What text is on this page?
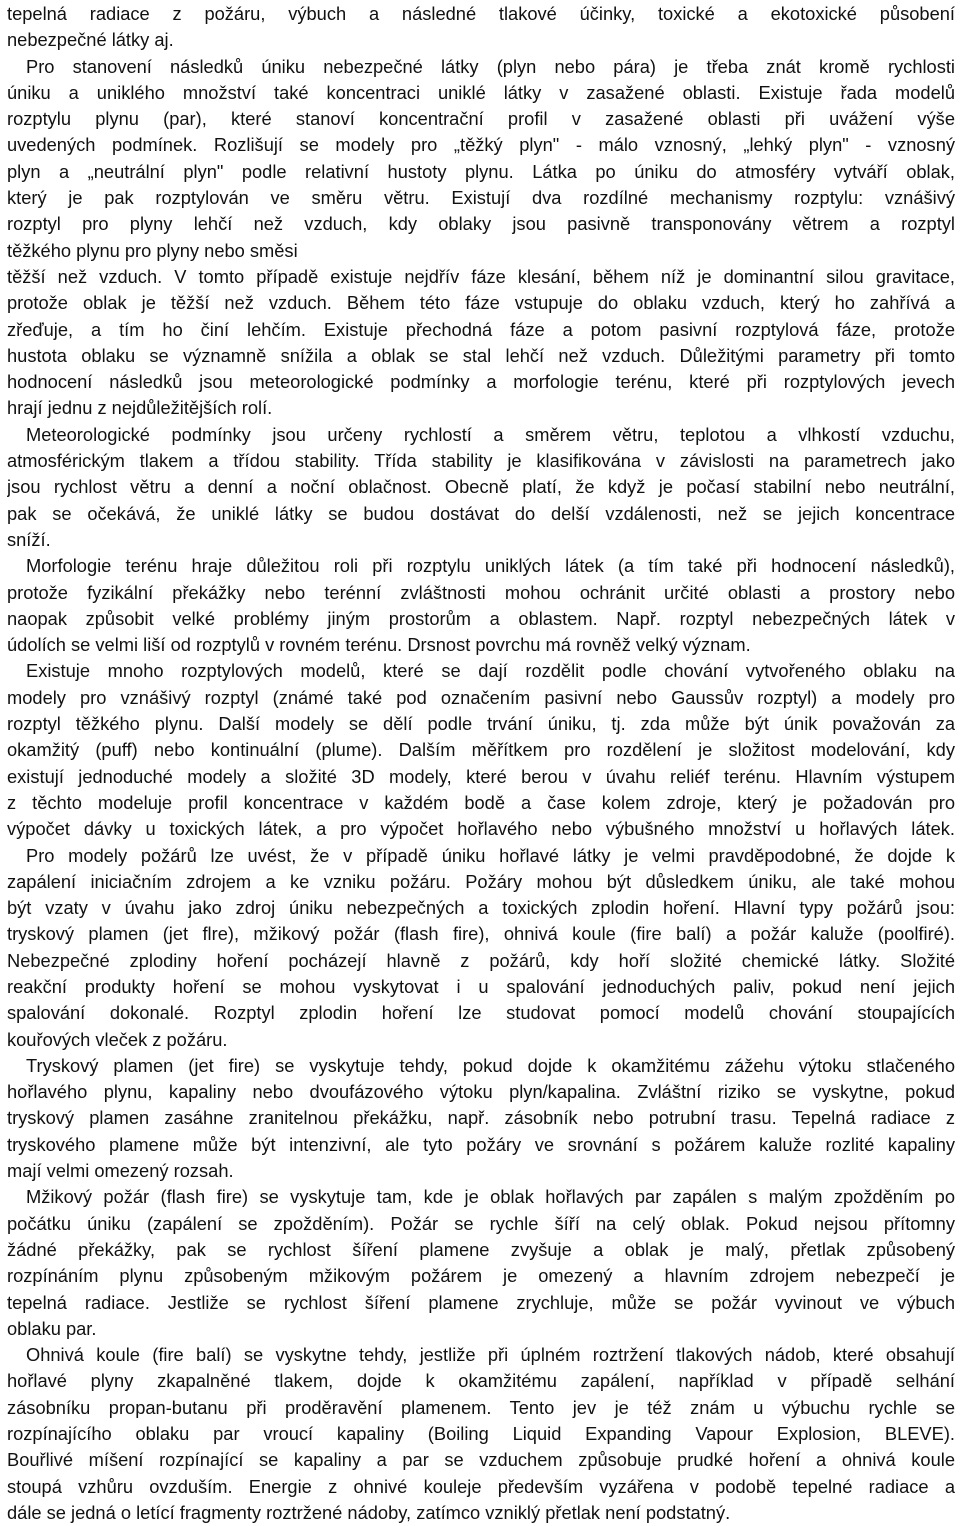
tepelná radiace z požáru, výbuch a následné tlakové účinky, toxické a ekotoxické působení
nebezpečné látky aj.
Pro stanovení následků úniku nebezpečné látky (plyn nebo pára) je třeba znát kromě rychlosti
úniku a uniklého množství také koncentraci uniklé látky v zasažené oblasti. Existuje řada modelů
rozptylu plynu (par), které stanoví koncentrační profil v zasažené oblasti při uvážení výše
uvedených podmínek. Rozlišují se modely pro „těžký plyn" - málo vznosný, „lehký plyn" - vznosný
plyn a „neutrální plyn" podle relativní hustoty plynu. Látka po úniku do atmosféry vytváří oblak,
který je pak rozptylován ve směru větru. Existují dva rozdílné mechanismy rozptylu: vznášivý
rozptyl pro plyny lehčí než vzduch, kdy oblaky jsou pasivně transponovány větrem a rozptyl
těžkého plynu pro plyny nebo směsi
těžší než vzduch. V tomto případě existuje nejdřív fáze klesání, během níž je dominantní silou gravitace,
protože oblak je těžší než vzduch. Během této fáze vstupuje do oblaku vzduch, který ho zahřívá a
zřeďuje, a tím ho činí lehčím. Existuje přechodná fáze a potom pasivní rozptylová fáze, protože
hustota oblaku se významně snížila a oblak se stal lehčí než vzduch. Důležitými parametry při tomto
hodnocení následků jsou meteorologické podmínky a morfologie terénu, které při rozptylových jevech
hrají jednu z nejdůležitějších rolí.
Meteorologické podmínky jsou určeny rychlostí a směrem větru, teplotou a vlhkostí vzduchu,
atmosférickým tlakem a třídou stability. Třída stability je klasifikována v závislosti na parametrech jako
jsou rychlost větru a denní a noční oblačnost. Obecně platí, že když je počasí stabilní nebo neutrální,
pak se očekává, že uniklé látky se budou dostávat do delší vzdálenosti, než se jejich koncentrace
sníží.
Morfologie terénu hraje důležitou roli při rozptylu uniklých látek (a tím také při hodnocení následků),
protože fyzikální překážky nebo terénní zvláštnosti mohou ochránit určité oblasti a prostory nebo
naopak způsobit velké problémy jiným prostorům a oblastem. Např. rozptyl nebezpečných látek v
údolích se velmi liší od rozptylů v rovném terénu. Drsnost povrchu má rovněž velký význam.
Existuje mnoho rozptylových modelů, které se dají rozdělit podle chování vytvořeného oblaku na
modely pro vznášivý rozptyl (známé také pod označením pasivní nebo Gaussův rozptyl) a modely pro
rozptyl těžkého plynu. Další modely se dělí podle trvání úniku, tj. zda může být únik považován za
okamžitý (puff) nebo kontinuální (plume). Dalším měřítkem pro rozdělení je složitost modelování, kdy
existují jednoduché modely a složité 3D modely, které berou v úvahu reliéf terénu. Hlavním výstupem
z těchto modeluje profil koncentrace v každém bodě a čase kolem zdroje, který je požadován pro
výpočet dávky u toxických látek, a pro výpočet hořlavého nebo výbušného množství u hořlavých látek.
Pro modely požárů lze uvést, že v případě úniku hořlavé látky je velmi pravděpodobné, že dojde k
zapálení iniciačním zdrojem a ke vzniku požáru. Požáry mohou být důsledkem úniku, ale také mohou
být vzaty v úvahu jako zdroj úniku nebezpečných a toxických zplodin hoření. Hlavní typy požárů jsou:
tryskový plamen (jet flre), mžikový požár (flash fire), ohnivá koule (fire balí) a požár kaluže (poolfiré).
Nebezpečné zplodiny hoření pocházejí hlavně z požárů, kdy hoří složité chemické látky. Složité
reakční produkty hoření se mohou vyskytovat i u spalování jednoduchých paliv, pokud není jejich
spalování dokonalé. Rozptyl zplodin hoření lze studovat pomocí modelů chování stoupajících
kouřových vleček z požáru.
Tryskový plamen (jet fire) se vyskytuje tehdy, pokud dojde k okamžitému zážehu výtoku stlačeného
hořlavého plynu, kapaliny nebo dvoufázového výtoku plyn/kapalina. Zvláštní riziko se vyskytne, pokud
tryskový plamen zasáhne zranitelnou překážku, např. zásobník nebo potrubní trasu. Tepelná radiace z
tryskového plamene může být intenzivní, ale tyto požáry ve srovnání s požárem kaluže rozlité kapaliny
mají velmi omezený rozsah.
Mžikový požár (flash fire) se vyskytuje tam, kde je oblak hořlavých par zapálen s malým zpožděním po
počátku úniku (zapálení se zpožděním). Požár se rychle šíří na celý oblak. Pokud nejsou přítomny
žádné překážky, pak se rychlost šíření plamene zvyšuje a oblak je malý, přetlak způsobený
rozpínáním plynu způsobeným mžikovým požárem je omezený a hlavním zdrojem nebezpečí je
tepelná radiace. Jestliže se rychlost šíření plamene zrychluje, může se požár vyvinout ve výbuch
oblaku par.
Ohnivá koule (fire balí) se vyskytne tehdy, jestliže při úplném roztržení tlakových nádob, které obsahují
hořlavé plyny zkapalněné tlakem, dojde k okamžitému zapálení, například v případě selhání
zásobníku propan-butanu při proděravění plamenem. Tento jev je též znám u výbuchu rychle se
rozpínajícího oblaku par vroucí kapaliny (Boiling Liquid Expanding Vapour Explosion, BLEVE).
Bouřlivé míšení rozpínající se kapaliny a par se vzduchem způsobuje prudké hoření a ohnivá koule
stoupá vzhůru ovzduším. Energie z ohnivé kouleje především vyzářena v podobě tepelné radiace a
dále se jedná o letící fragmenty roztržené nádoby, zatímco vzniklý přetlak není podstatný.
